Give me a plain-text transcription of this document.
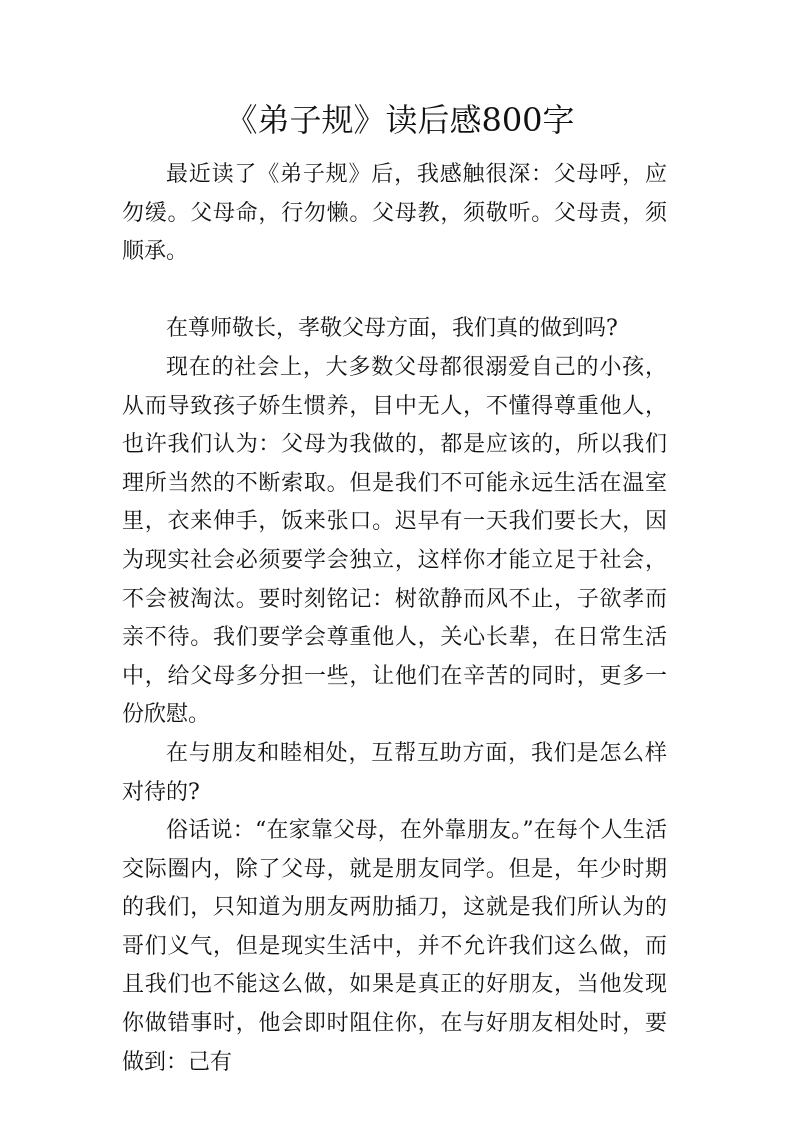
《弟子规》读后感800字

最近读了《弟子规》后，我感触很深：父母呼，应勿缓。父母命，行勿懒。父母教，须敬听。父母责，须顺承。

在尊师敬长，孝敬父母方面，我们真的做到吗?

现在的社会上，大多数父母都很溺爱自己的小孩，从而导致孩子娇生惯养，目中无人，不懂得尊重他人，也许我们认为：父母为我做的，都是应该的，所以我们理所当然的不断索取。但是我们不可能永远生活在温室里，衣来伸手，饭来张口。迟早有一天我们要长大，因为现实社会必须要学会独立，这样你才能立足于社会，不会被淘汰。要时刻铭记：树欲静而风不止，子欲孝而亲不待。我们要学会尊重他人，关心长辈，在日常生活中，给父母多分担一些，让他们在辛苦的同时，更多一份欣慰。

在与朋友和睦相处，互帮互助方面，我们是怎么样对待的?

俗话说：“在家靠父母，在外靠朋友。”在每个人生活交际圈内，除了父母，就是朋友同学。但是，年少时期的我们，只知道为朋友两肋插刀，这就是我们所认为的哥们义气，但是现实生活中，并不允许我们这么做，而且我们也不能这么做，如果是真正的好朋友，当他发现你做错事时，他会即时阻住你，在与好朋友相处时，要做到：己有
